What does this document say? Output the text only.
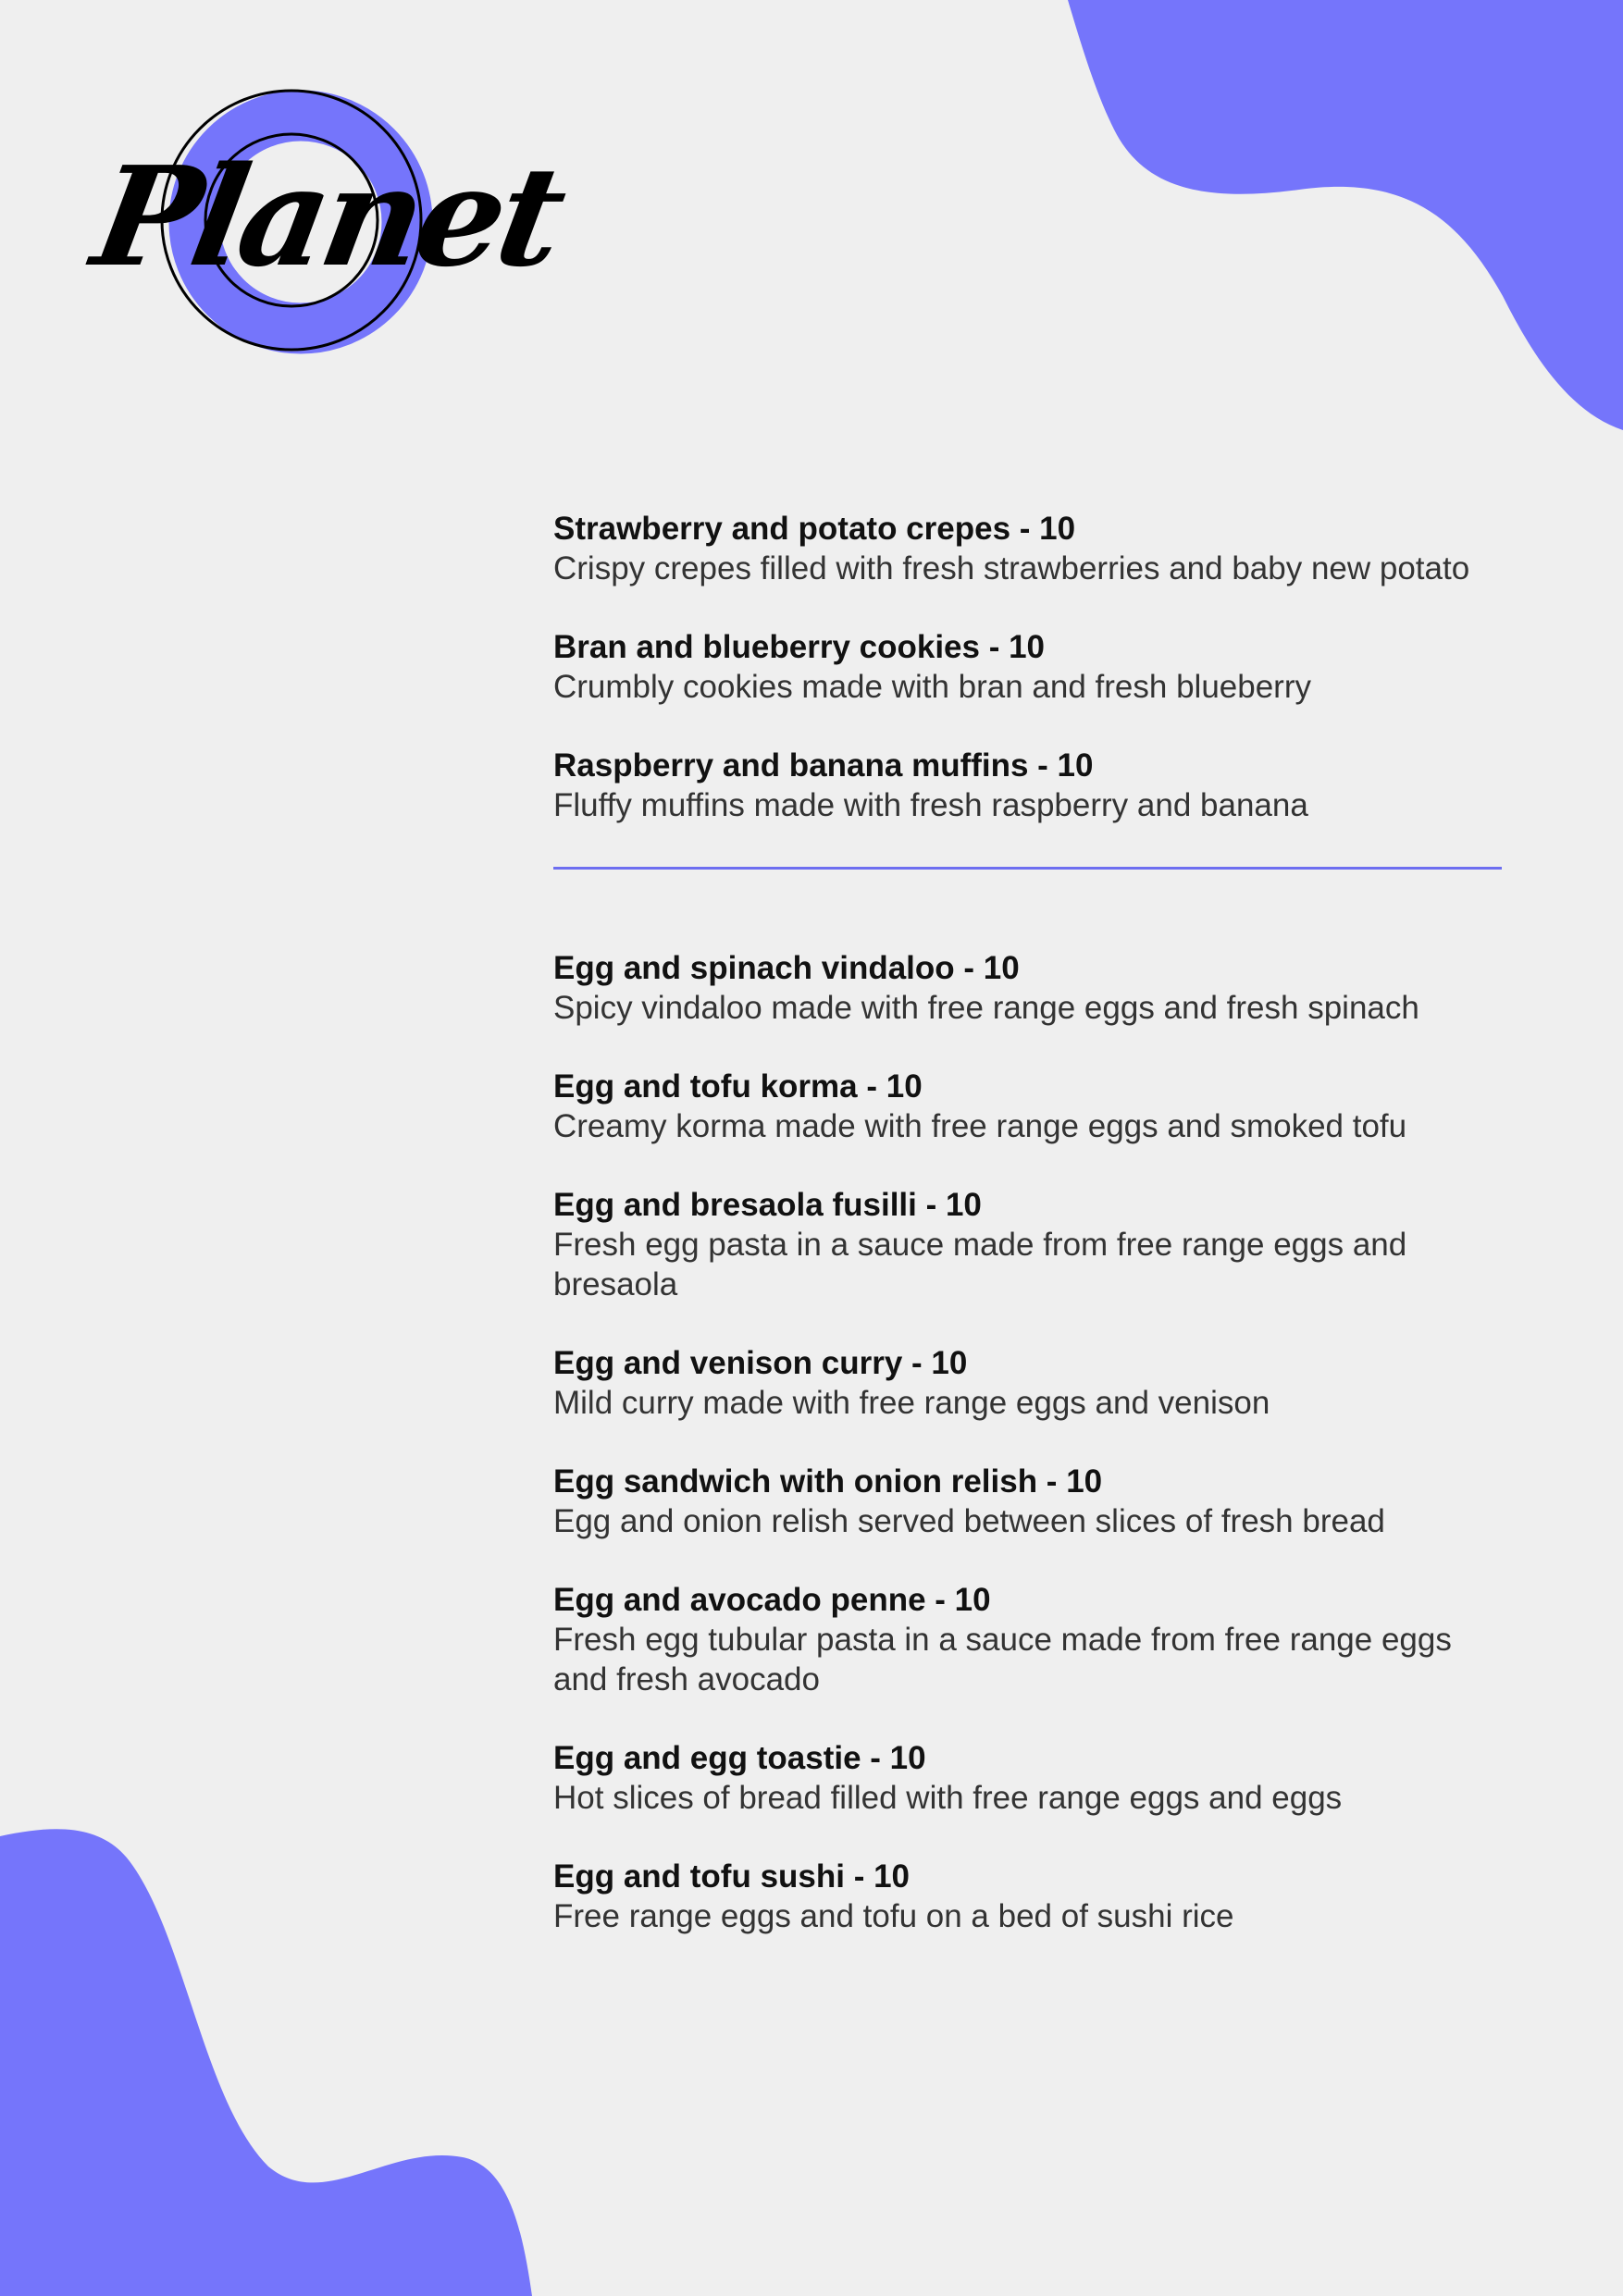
Planet
Strawberry and potato crepes - 10
Crispy crepes filled with fresh strawberries and baby new potato
Bran and blueberry cookies - 10
Crumbly cookies made with bran and fresh blueberry
Raspberry and banana muffins - 10
Fluffy muffins made with fresh raspberry and banana
Egg and spinach vindaloo - 10
Spicy vindaloo made with free range eggs and fresh spinach
Egg and tofu korma - 10
Creamy korma made with free range eggs and smoked tofu
Egg and bresaola fusilli - 10
Fresh egg pasta in a sauce made from free range eggs and bresaola
Egg and venison curry - 10
Mild curry made with free range eggs and venison
Egg sandwich with onion relish - 10
Egg and onion relish served between slices of fresh bread
Egg and avocado penne - 10
Fresh egg tubular pasta in a sauce made from free range eggs and fresh avocado
Egg and egg toastie - 10
Hot slices of bread filled with free range eggs and eggs
Egg and tofu sushi - 10
Free range eggs and tofu on a bed of sushi rice
